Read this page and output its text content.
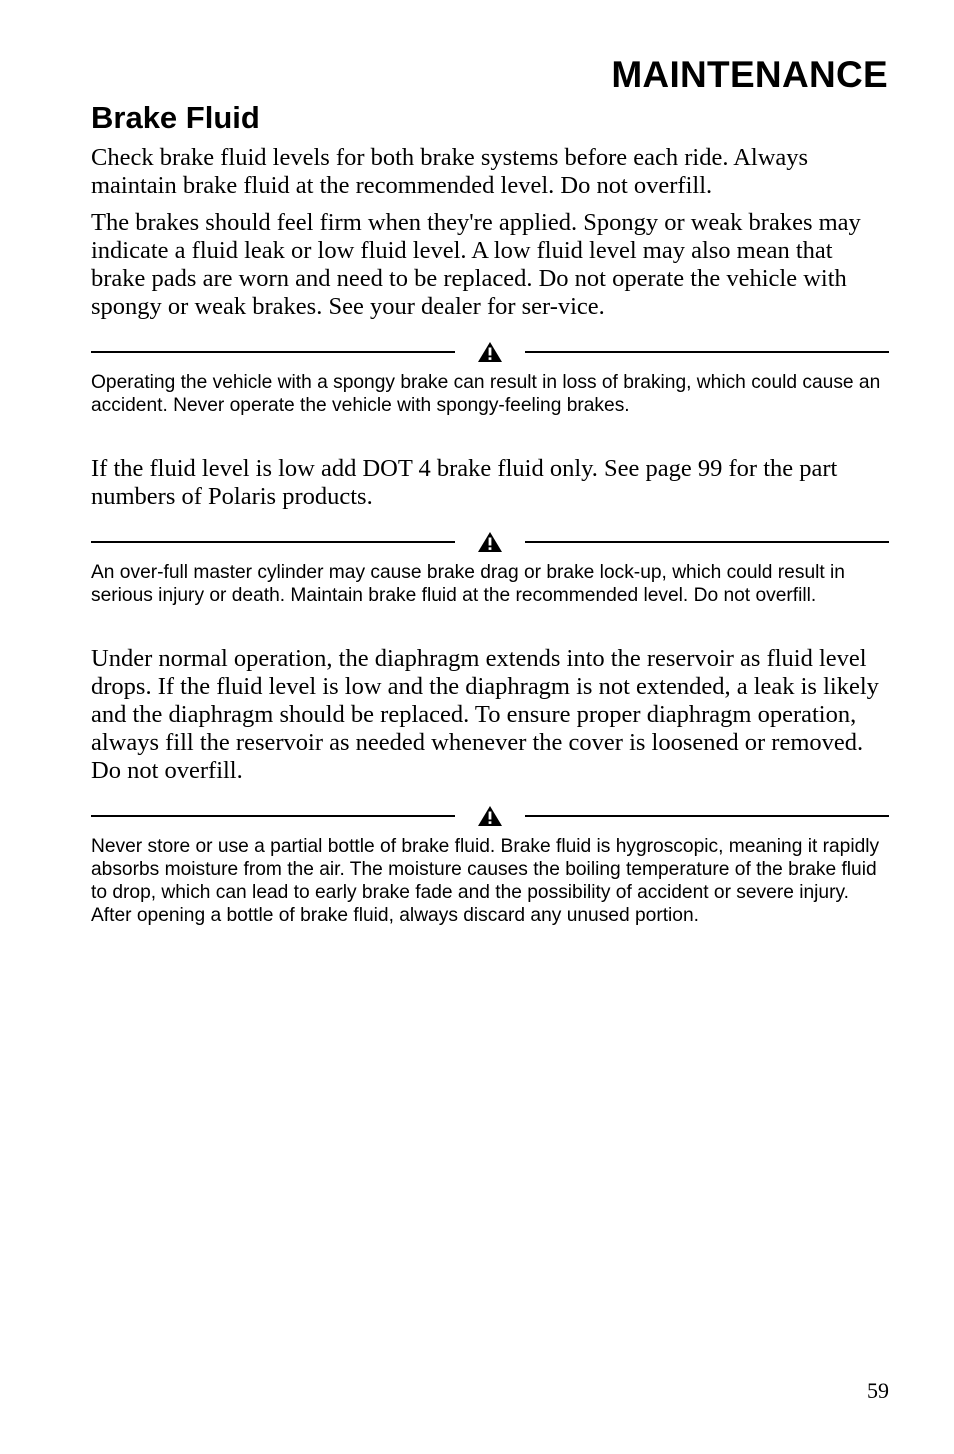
MAINTENANCE
Brake Fluid

Check brake fluid levels for both brake systems before each ride. Always maintain brake fluid at the recommended level. Do not overfill.

The brakes should feel firm when they're applied. Spongy or weak brakes may indicate a fluid leak or low fluid level. A low fluid level may also mean that brake pads are worn and need to be replaced. Do not operate the vehicle with spongy or weak brakes. See your dealer for ser-vice.

Operating the vehicle with a spongy brake can result in loss of braking, which could cause an accident. Never operate the vehicle with spongy-feeling brakes.

If the fluid level is low add DOT 4 brake fluid only. See page 99 for the part numbers of Polaris products.

An over-full master cylinder may cause brake drag or brake lock-up, which could result in serious injury or death. Maintain brake fluid at the recommended level. Do not overfill.

Under normal operation, the diaphragm extends into the reservoir as fluid level drops. If the fluid level is low and the diaphragm is not extended, a leak is likely and the diaphragm should be replaced. To ensure proper diaphragm operation, always fill the reservoir as needed whenever the cover is loosened or removed. Do not overfill.

Never store or use a partial bottle of brake fluid. Brake fluid is hygroscopic, meaning it rapidly absorbs moisture from the air. The moisture causes the boiling temperature of the brake fluid to drop, which can lead to early brake fade and the possibility of accident or severe injury. After opening a bottle of brake fluid, always discard any unused portion.

59
